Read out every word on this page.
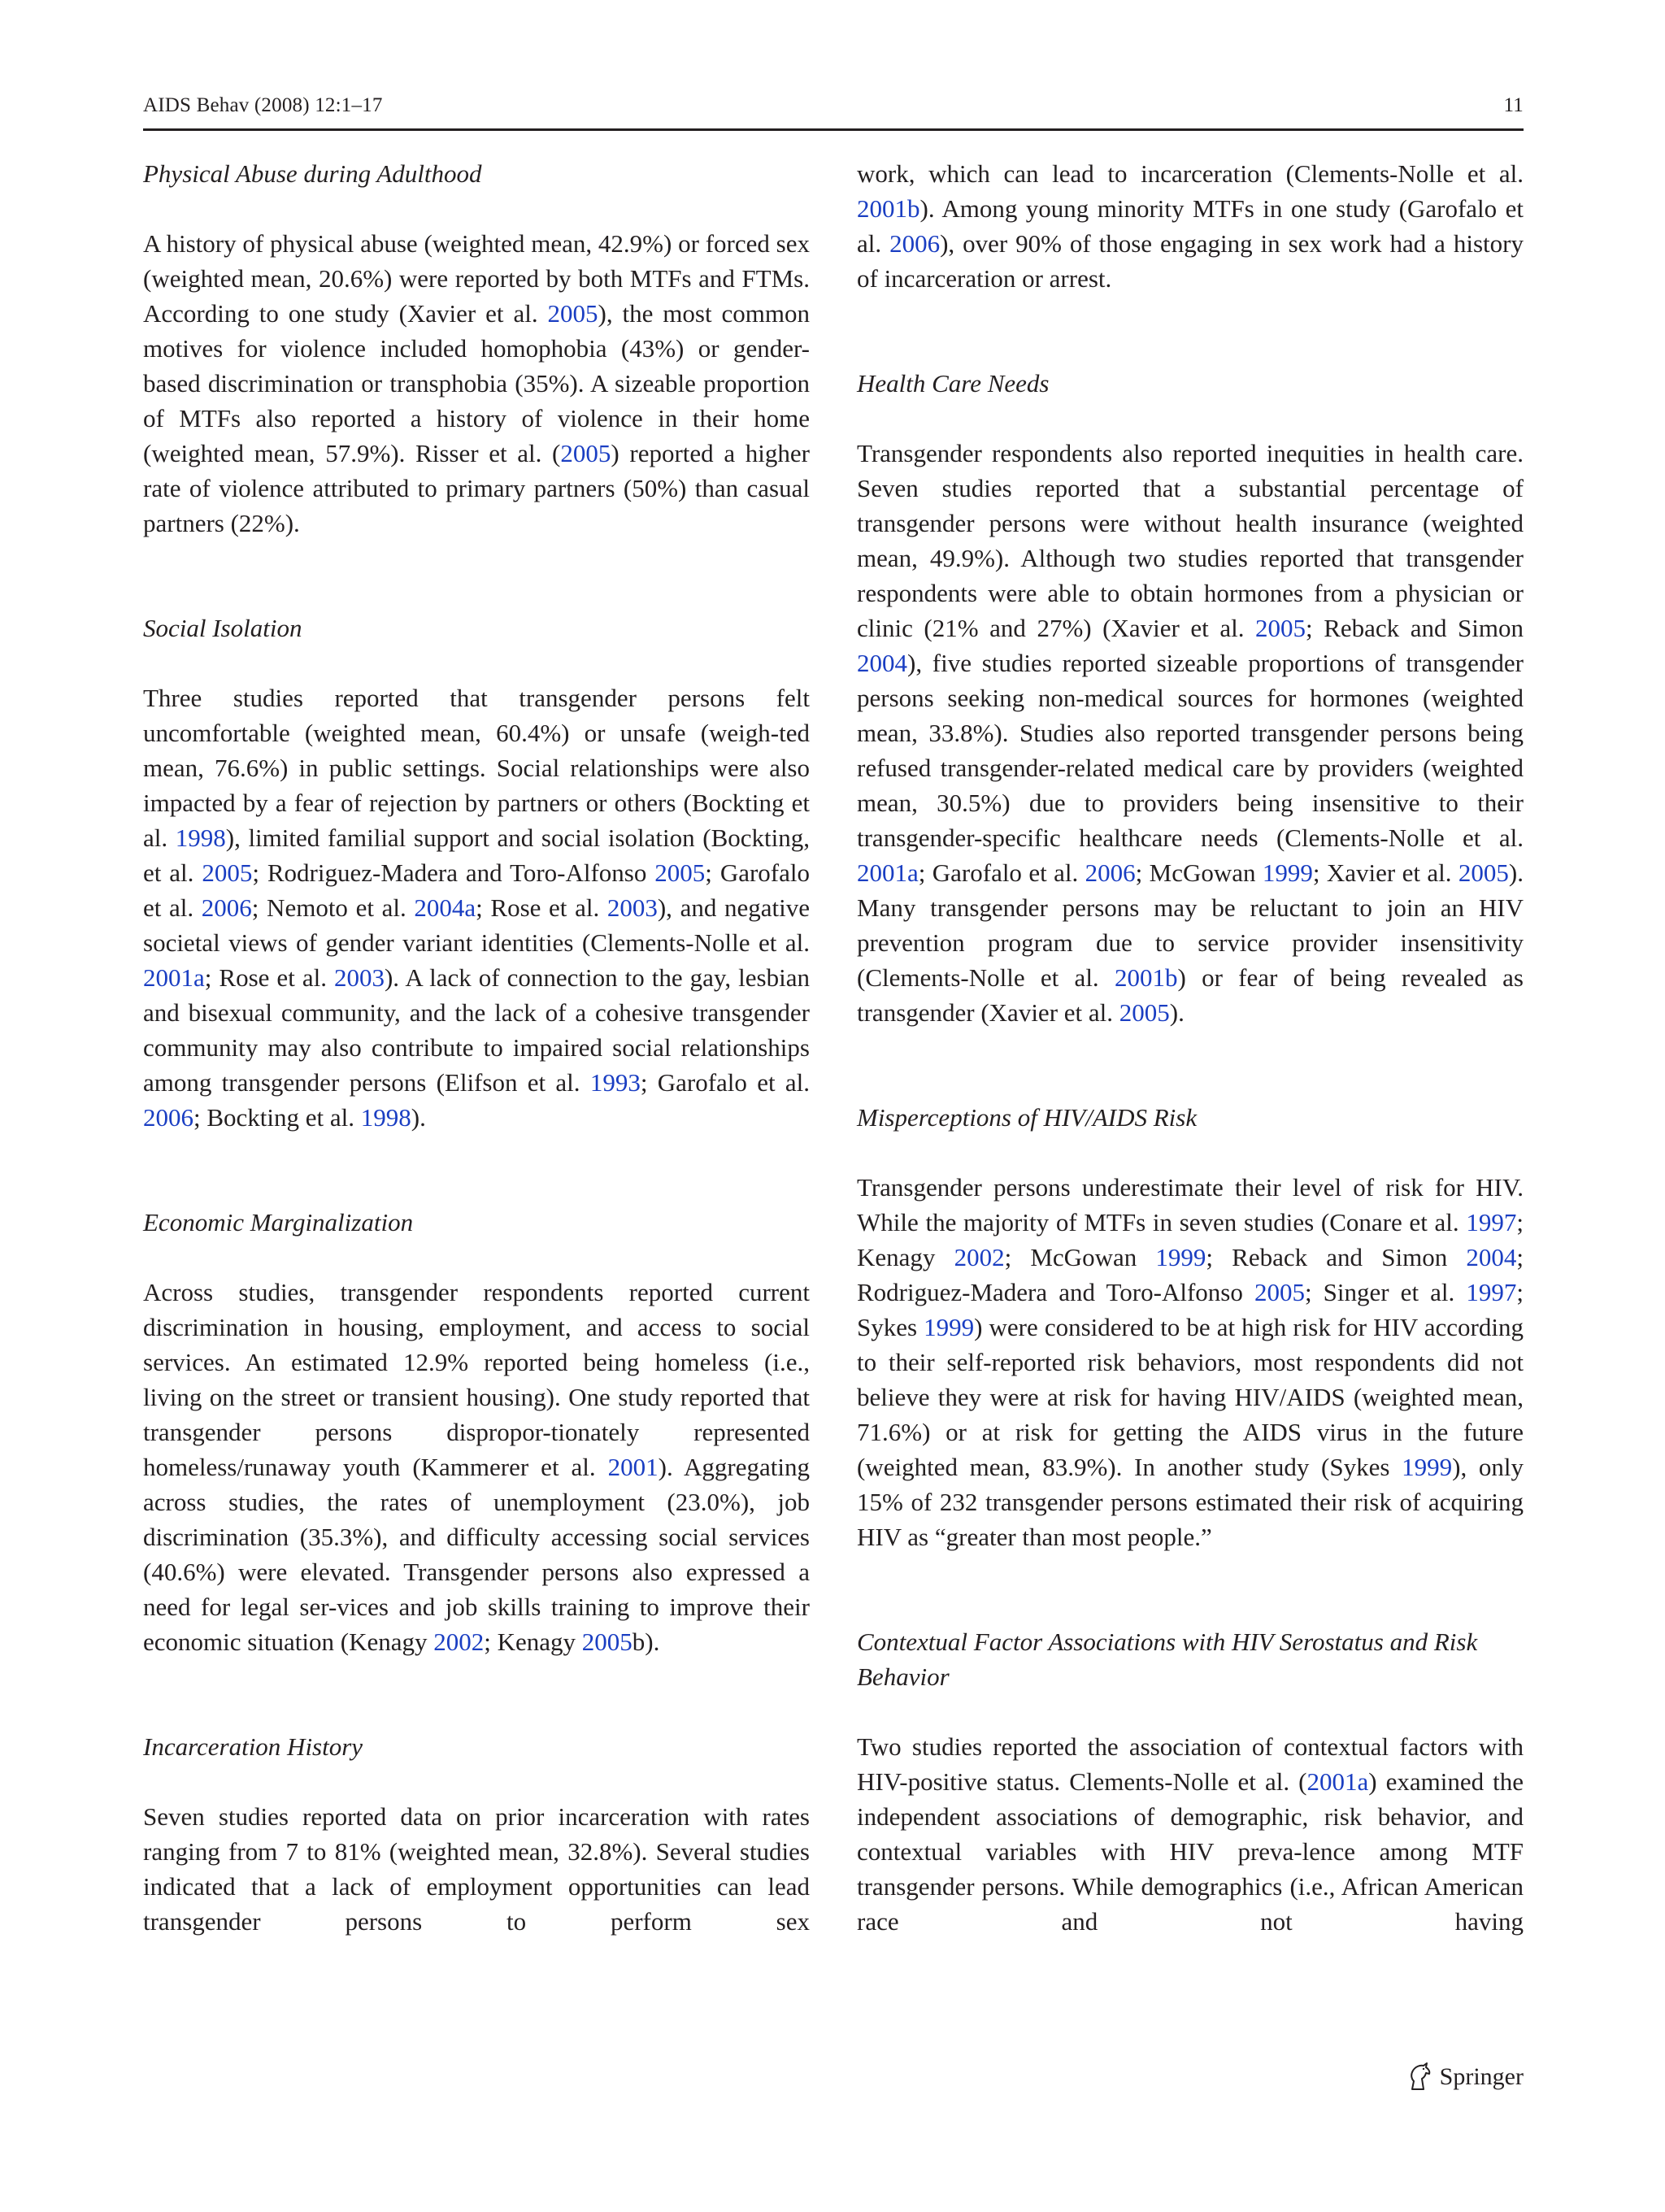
AIDS Behav (2008) 12:1–17	11
Physical Abuse during Adulthood

A history of physical abuse (weighted mean, 42.9%) or forced sex (weighted mean, 20.6%) were reported by both MTFs and FTMs. According to one study (Xavier et al. 2005), the most common motives for violence included homophobia (43%) or gender-based discrimination or transphobia (35%). A sizeable proportion of MTFs also reported a history of violence in their home (weighted mean, 57.9%). Risser et al. (2005) reported a higher rate of violence attributed to primary partners (50%) than casual partners (22%).

Social Isolation

Three studies reported that transgender persons felt uncomfortable (weighted mean, 60.4%) or unsafe (weigh-ted mean, 76.6%) in public settings. Social relationships were also impacted by a fear of rejection by partners or others (Bockting et al. 1998), limited familial support and social isolation (Bockting, et al. 2005; Rodriguez-Madera and Toro-Alfonso 2005; Garofalo et al. 2006; Nemoto et al. 2004a; Rose et al. 2003), and negative societal views of gender variant identities (Clements-Nolle et al. 2001a; Rose et al. 2003). A lack of connection to the gay, lesbian and bisexual community, and the lack of a cohesive transgender community may also contribute to impaired social relationships among transgender persons (Elifson et al. 1993; Garofalo et al. 2006; Bockting et al. 1998).

Economic Marginalization

Across studies, transgender respondents reported current discrimination in housing, employment, and access to social services. An estimated 12.9% reported being homeless (i.e., living on the street or transient housing). One study reported that transgender persons dispropor-tionately represented homeless/runaway youth (Kammerer et al. 2001). Aggregating across studies, the rates of unemployment (23.0%), job discrimination (35.3%), and difficulty accessing social services (40.6%) were elevated. Transgender persons also expressed a need for legal ser-vices and job skills training to improve their economic situation (Kenagy 2002; Kenagy 2005b).

Incarceration History

Seven studies reported data on prior incarceration with rates ranging from 7 to 81% (weighted mean, 32.8%). Several studies indicated that a lack of employment opportunities can lead transgender persons to perform sex

work, which can lead to incarceration (Clements-Nolle et al. 2001b). Among young minority MTFs in one study (Garofalo et al. 2006), over 90% of those engaging in sex work had a history of incarceration or arrest.

Health Care Needs

Transgender respondents also reported inequities in health care. Seven studies reported that a substantial percentage of transgender persons were without health insurance (weighted mean, 49.9%). Although two studies reported that transgender respondents were able to obtain hormones from a physician or clinic (21% and 27%) (Xavier et al. 2005; Reback and Simon 2004), five studies reported sizeable proportions of transgender persons seeking non-medical sources for hormones (weighted mean, 33.8%). Studies also reported transgender persons being refused transgender-related medical care by providers (weighted mean, 30.5%) due to providers being insensitive to their transgender-specific healthcare needs (Clements-Nolle et al. 2001a; Garofalo et al. 2006; McGowan 1999; Xavier et al. 2005). Many transgender persons may be reluctant to join an HIV prevention program due to service provider insensitivity (Clements-Nolle et al. 2001b) or fear of being revealed as transgender (Xavier et al. 2005).

Misperceptions of HIV/AIDS Risk

Transgender persons underestimate their level of risk for HIV. While the majority of MTFs in seven studies (Conare et al. 1997; Kenagy 2002; McGowan 1999; Reback and Simon 2004; Rodriguez-Madera and Toro-Alfonso 2005; Singer et al. 1997; Sykes 1999) were considered to be at high risk for HIV according to their self-reported risk behaviors, most respondents did not believe they were at risk for having HIV/AIDS (weighted mean, 71.6%) or at risk for getting the AIDS virus in the future (weighted mean, 83.9%). In another study (Sykes 1999), only 15% of 232 transgender persons estimated their risk of acquiring HIV as “greater than most people.”

Contextual Factor Associations with HIV Serostatus and Risk Behavior

Two studies reported the association of contextual factors with HIV-positive status. Clements-Nolle et al. (2001a) examined the independent associations of demographic, risk behavior, and contextual variables with HIV preva-lence among MTF transgender persons. While demographics (i.e., African American race and not having

Springer
